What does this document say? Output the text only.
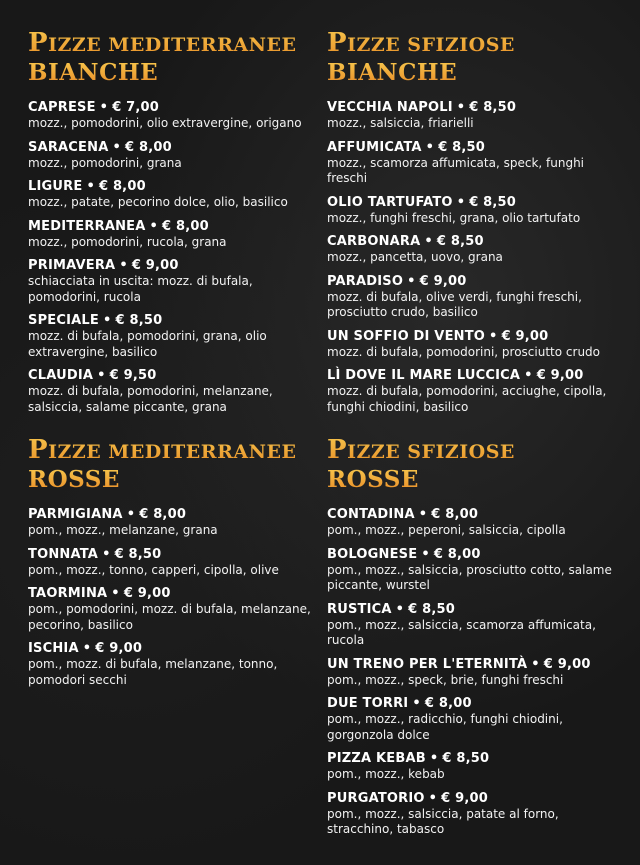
PIZZE MEDITERRANEE
BIANCHE
CAPRESE • € 7,00
mozz., pomodorini, olio extravergine, origano
SARACENA • € 8,00
mozz., pomodorini, grana
LIGURE • € 8,00
mozz., patate, pecorino dolce, olio, basilico
MEDITERRANEA • € 8,00
mozz., pomodorini, rucola, grana
PRIMAVERA • € 9,00
schiacciata in uscita: mozz. di bufala, pomodorini, rucola
SPECIALE • € 8,50
mozz. di bufala, pomodorini, grana, olio extravergine, basilico
CLAUDIA • € 9,50
mozz. di bufala, pomodorini, melanzane, salsiccia, salame piccante, grana
PIZZE SFIZIOSE
BIANCHE
VECCHIA NAPOLI • € 8,50
mozz., salsiccia, friarielli
AFFUMICATA • € 8,50
mozz., scamorza affumicata, speck, funghi freschi
OLIO TARTUFATO • € 8,50
mozz., funghi freschi, grana, olio tartufato
CARBONARA • € 8,50
mozz., pancetta, uovo, grana
PARADISO • € 9,00
mozz. di bufala, olive verdi, funghi freschi, prosciutto crudo, basilico
UN SOFFIO DI VENTO • € 9,00
mozz. di bufala, pomodorini, prosciutto crudo
LÌ DOVE IL MARE LUCCICA • € 9,00
mozz. di bufala, pomodorini, acciughe, cipolla, funghi chiodini, basilico
PIZZE MEDITERRANEE
ROSSE
PARMIGIANA • € 8,00
pom., mozz., melanzane, grana
TONNATA • € 8,50
pom., mozz., tonno, capperi, cipolla, olive
TAORMINA • € 9,00
pom., pomodorini, mozz. di bufala, melanzane, pecorino, basilico
ISCHIA • € 9,00
pom., mozz. di bufala, melanzane, tonno, pomodori secchi
PIZZE SFIZIOSE
ROSSE
CONTADINA • € 8,00
pom., mozz., peperoni, salsiccia, cipolla
BOLOGNESE • € 8,00
pom., mozz., salsiccia, prosciutto cotto, salame piccante, wurstel
RUSTICA • € 8,50
pom., mozz., salsiccia, scamorza affumicata, rucola
UN TRENO PER L'ETERNITÀ • € 9,00
pom., mozz., speck, brie, funghi freschi
DUE TORRI • € 8,00
pom., mozz., radicchio, funghi chiodini, gorgonzola dolce
PIZZA KEBAB • € 8,50
pom., mozz., kebab
PURGATORIO • € 9,00
pom., mozz., salsiccia, patate al forno, stracchino, tabasco
